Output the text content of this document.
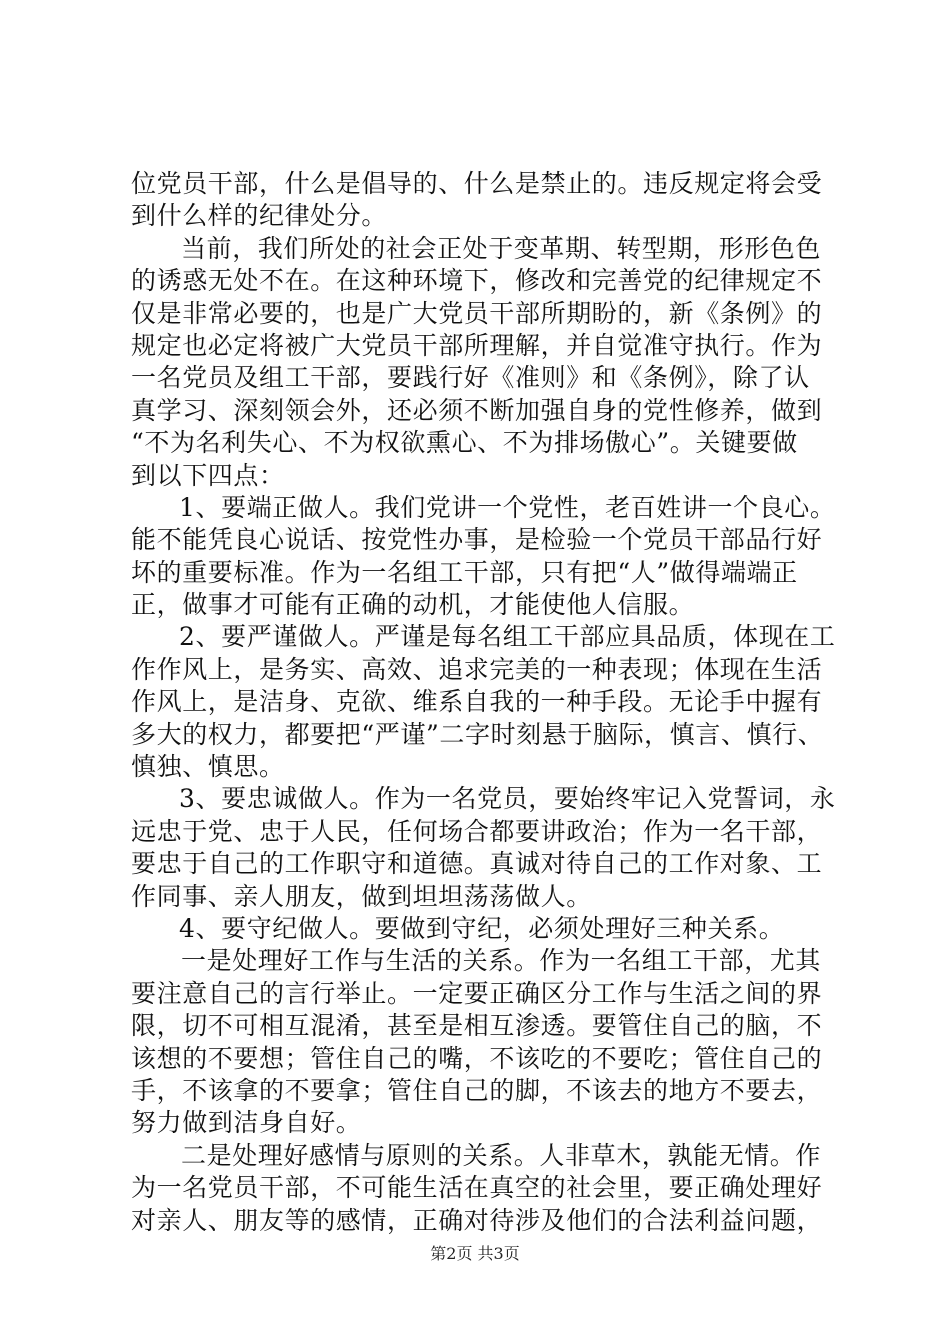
位党员干部，什么是倡导的、什么是禁止的。违反规定将会受
到什么样的纪律处分。
当前，我们所处的社会正处于变革期、转型期，形形色色
的诱惑无处不在。在这种环境下，修改和完善党的纪律规定不
仅是非常必要的，也是广大党员干部所期盼的，新《条例》的
规定也必定将被广大党员干部所理解，并自觉准守执行。作为
一名党员及组工干部，要践行好《准则》和《条例》，除了认
真学习、深刻领会外，还必须不断加强自身的党性修养，做到
“不为名利失心、不为权欲熏心、不为排场傲心”。关键要做
到以下四点：
1、要端正做人。我们党讲一个党性，老百姓讲一个良心。
能不能凭良心说话、按党性办事，是检验一个党员干部品行好
坏的重要标准。作为一名组工干部，只有把“人”做得端端正
正，做事才可能有正确的动机，才能使他人信服。
2、要严谨做人。严谨是每名组工干部应具品质，体现在工
作作风上，是务实、高效、追求完美的一种表现；体现在生活
作风上，是洁身、克欲、维系自我的一种手段。无论手中握有
多大的权力，都要把“严谨”二字时刻悬于脑际，慎言、慎行、
慎独、慎思。
3、要忠诚做人。作为一名党员，要始终牢记入党誓词，永
远忠于党、忠于人民，任何场合都要讲政治；作为一名干部，
要忠于自己的工作职守和道德。真诚对待自己的工作对象、工
作同事、亲人朋友，做到坦坦荡荡做人。
4、要守纪做人。要做到守纪，必须处理好三种关系。
一是处理好工作与生活的关系。作为一名组工干部，尤其
要注意自己的言行举止。一定要正确区分工作与生活之间的界
限，切不可相互混淆，甚至是相互渗透。要管住自己的脑，不
该想的不要想；管住自己的嘴，不该吃的不要吃；管住自己的
手，不该拿的不要拿；管住自己的脚，不该去的地方不要去，
努力做到洁身自好。
二是处理好感情与原则的关系。人非草木，孰能无情。作
为一名党员干部，不可能生活在真空的社会里，要正确处理好
对亲人、朋友等的感情，正确对待涉及他们的合法利益问题，
第2页 共3页
